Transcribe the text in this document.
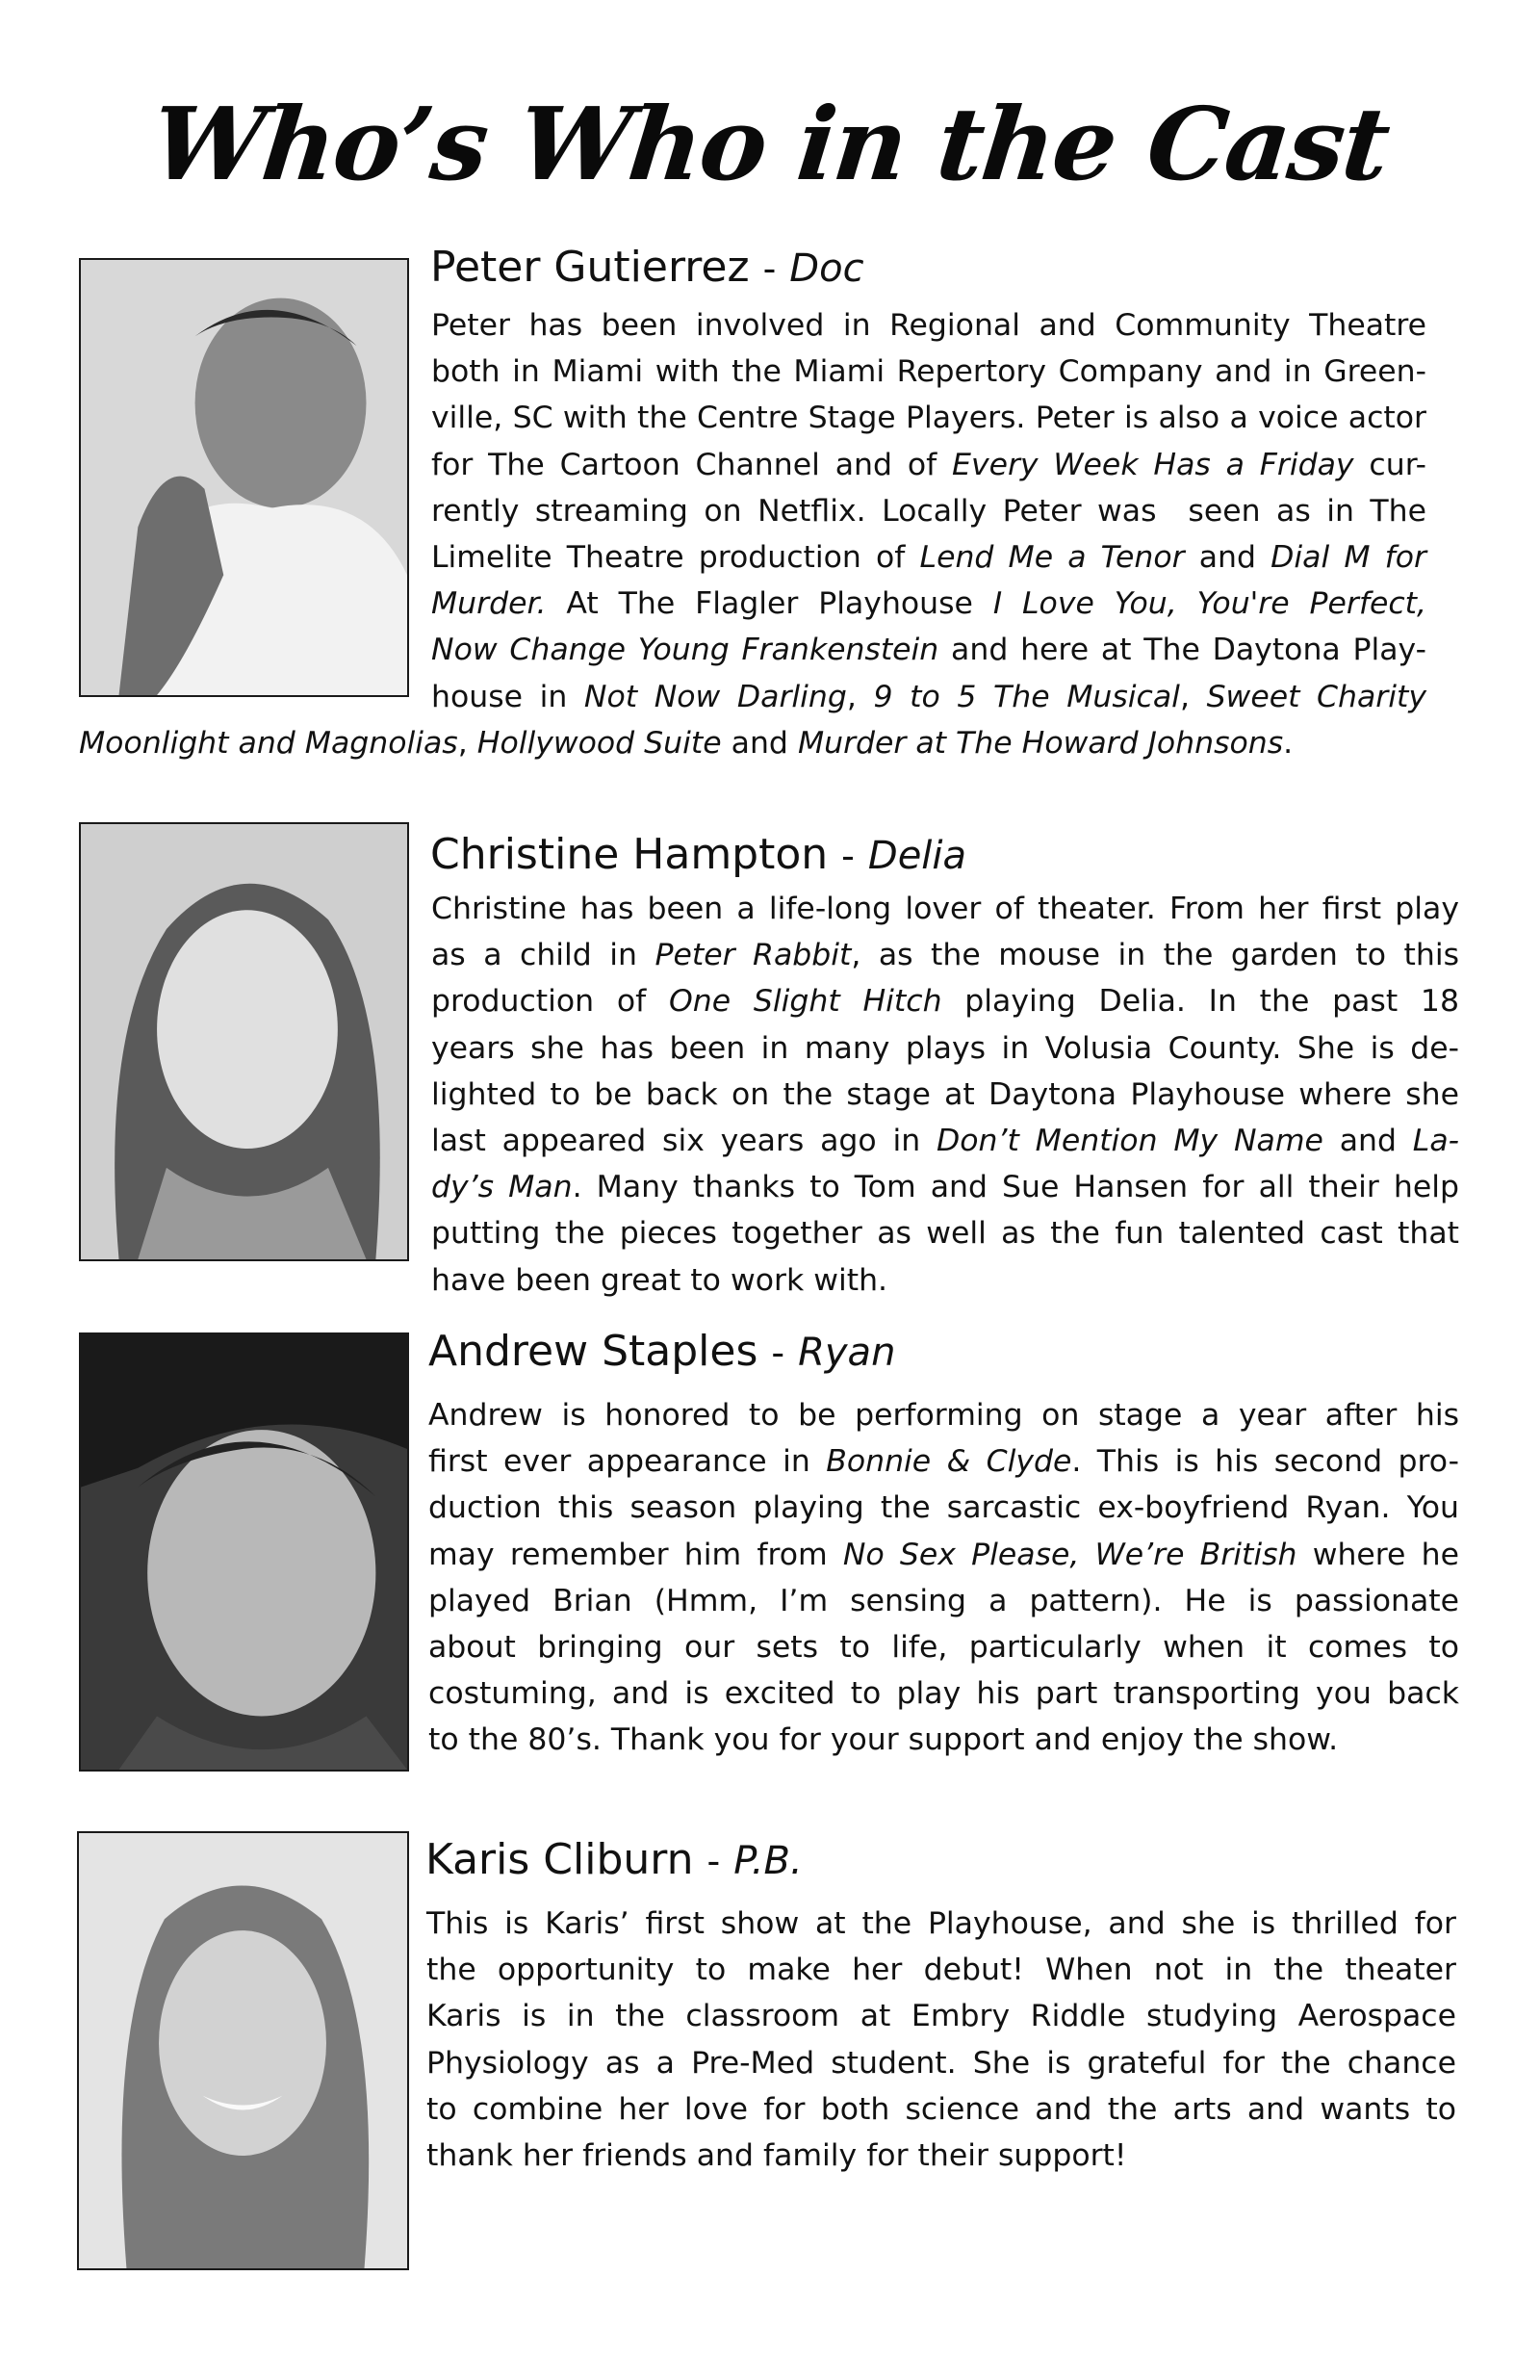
Who’s Who in the Cast
Peter Gutierrez - Doc
Peter has been involved in Regional and Community Theatre
both in Miami with the Miami Repertory Company and in Green-
ville, SC with the Centre Stage Players. Peter is also a voice actor
for The Cartoon Channel and of Every Week Has a Friday cur-
rently streaming on Netflix. Locally Peter was  seen as in The
Limelite Theatre production of Lend Me a Tenor and Dial M for
Murder. At The Flagler Playhouse I Love You, You're Perfect,
Now Change Young Frankenstein and here at The Daytona Play-
house in Not Now Darling, 9 to 5 The Musical, Sweet Charity
Moonlight and Magnolias, Hollywood Suite and Murder at The Howard Johnsons.
Christine Hampton - Delia
Christine has been a life-long lover of theater. From her first play
as a child in Peter Rabbit, as the mouse in the garden to this
production of One Slight Hitch playing Delia. In the past 18
years she has been in many plays in Volusia County. She is de-
lighted to be back on the stage at Daytona Playhouse where she
last appeared six years ago in Don’t Mention My Name and La-
dy’s Man. Many thanks to Tom and Sue Hansen for all their help
putting the pieces together as well as the fun talented cast that
have been great to work with.
Andrew Staples - Ryan
Andrew is honored to be performing on stage a year after his
first ever appearance in Bonnie & Clyde. This is his second pro-
duction this season playing the sarcastic ex-boyfriend Ryan. You
may remember him from No Sex Please, We’re British where he
played Brian (Hmm, I’m sensing a pattern). He is passionate
about bringing our sets to life, particularly when it comes to
costuming, and is excited to play his part transporting you back
to the 80’s. Thank you for your support and enjoy the show.
Karis Cliburn - P.B.
This is Karis’ first show at the Playhouse, and she is thrilled for
the opportunity to make her debut! When not in the theater
Karis is in the classroom at Embry Riddle studying Aerospace
Physiology as a Pre-Med student. She is grateful for the chance
to combine her love for both science and the arts and wants to
thank her friends and family for their support!
